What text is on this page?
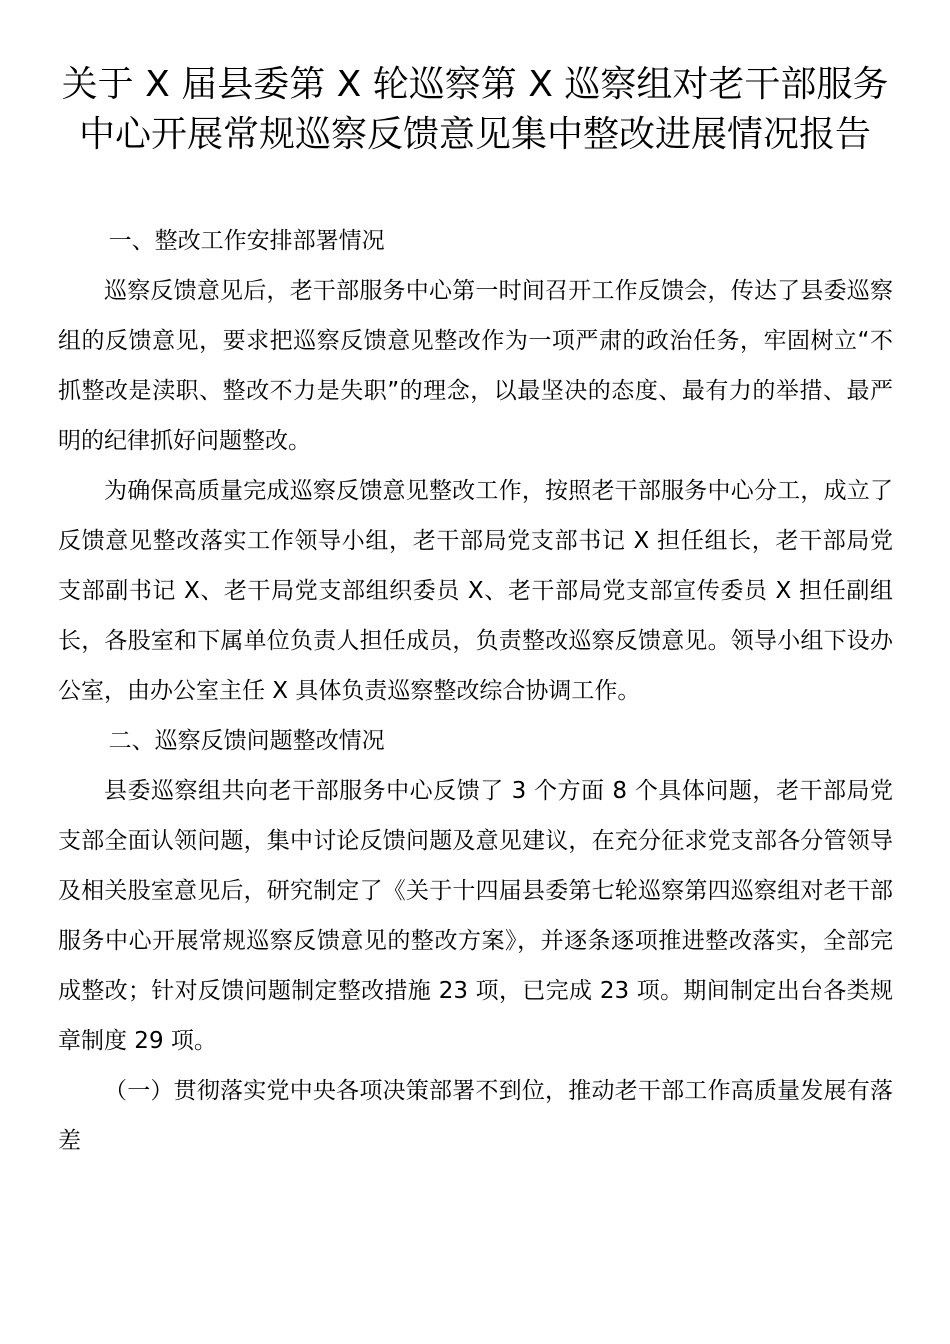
关于 X 届县委第 X 轮巡察第 X 巡察组对老干部服务中心开展常规巡察反馈意见集中整改进展情况报告

一、整改工作安排部署情况

巡察反馈意见后，老干部服务中心第一时间召开工作反馈会，传达了县委巡察组的反馈意见，要求把巡察反馈意见整改作为一项严肃的政治任务，牢固树立“不抓整改是渎职、整改不力是失职”的理念，以最坚决的态度、最有力的举措、最严明的纪律抓好问题整改。

为确保高质量完成巡察反馈意见整改工作，按照老干部服务中心分工，成立了反馈意见整改落实工作领导小组，老干部局党支部书记 X 担任组长，老干部局党支部副书记 X、老干局党支部组织委员 X、老干部局党支部宣传委员 X 担任副组长，各股室和下属单位负责人担任成员，负责整改巡察反馈意见。领导小组下设办公室，由办公室主任 X 具体负责巡察整改综合协调工作。

二、巡察反馈问题整改情况

县委巡察组共向老干部服务中心反馈了 3 个方面 8 个具体问题，老干部局党支部全面认领问题，集中讨论反馈问题及意见建议，在充分征求党支部各分管领导及相关股室意见后，研究制定了《关于十四届县委第七轮巡察第四巡察组对老干部服务中心开展常规巡察反馈意见的整改方案》，并逐条逐项推进整改落实，全部完成整改；针对反馈问题制定整改措施 23 项，已完成 23 项。期间制定出台各类规章制度 29 项。

（一）贯彻落实党中央各项决策部署不到位，推动老干部工作高质量发展有落差
